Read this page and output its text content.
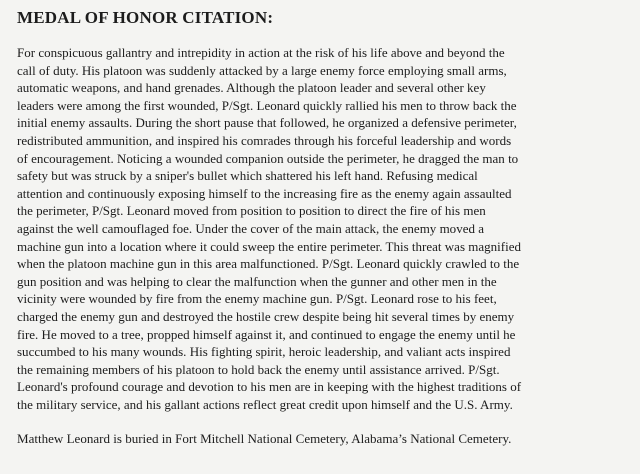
MEDAL OF HONOR CITATION:

For conspicuous gallantry and intrepidity in action at the risk of his life above and beyond the
call of duty. His platoon was suddenly attacked by a large enemy force employing small arms,
automatic weapons, and hand grenades. Although the platoon leader and several other key
leaders were among the first wounded, P/Sgt. Leonard quickly rallied his men to throw back the
initial enemy assaults. During the short pause that followed, he organized a defensive perimeter,
redistributed ammunition, and inspired his comrades through his forceful leadership and words
of encouragement. Noticing a wounded companion outside the perimeter, he dragged the man to
safety but was struck by a sniper's bullet which shattered his left hand. Refusing medical
attention and continuously exposing himself to the increasing fire as the enemy again assaulted
the perimeter, P/Sgt. Leonard moved from position to position to direct the fire of his men
against the well camouflaged foe. Under the cover of the main attack, the enemy moved a
machine gun into a location where it could sweep the entire perimeter. This threat was magnified
when the platoon machine gun in this area malfunctioned. P/Sgt. Leonard quickly crawled to the
gun position and was helping to clear the malfunction when the gunner and other men in the
vicinity were wounded by fire from the enemy machine gun. P/Sgt. Leonard rose to his feet,
charged the enemy gun and destroyed the hostile crew despite being hit several times by enemy
fire. He moved to a tree, propped himself against it, and continued to engage the enemy until he
succumbed to his many wounds. His fighting spirit, heroic leadership, and valiant acts inspired
the remaining members of his platoon to hold back the enemy until assistance arrived. P/Sgt.
Leonard's profound courage and devotion to his men are in keeping with the highest traditions of
the military service, and his gallant actions reflect great credit upon himself and the U.S. Army.

Matthew Leonard is buried in Fort Mitchell National Cemetery, Alabama’s National Cemetery.
